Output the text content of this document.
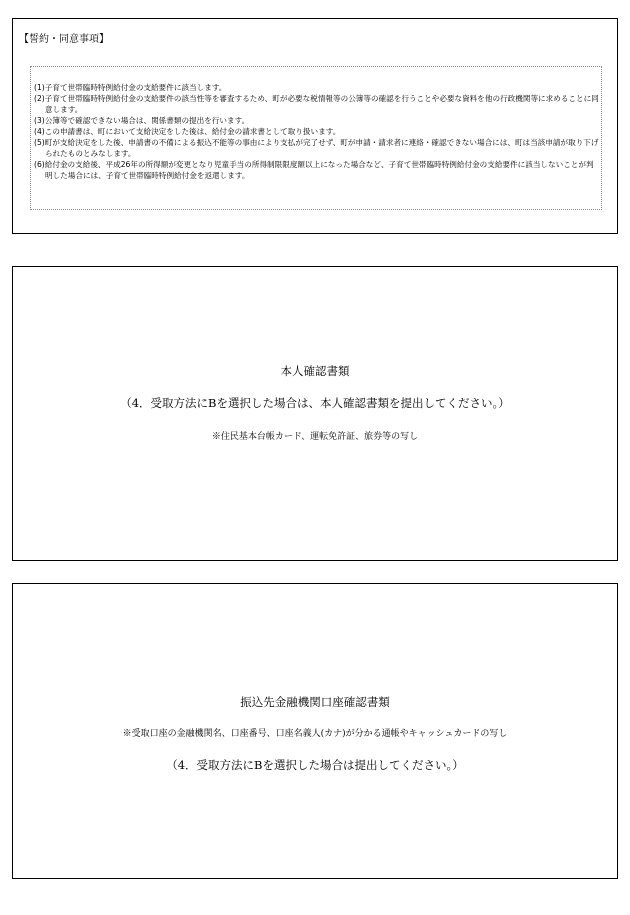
【誓約・同意事項】
(1)子育て世帯臨時特例給付金の支給要件に該当します。
(2)子育て世帯臨時特例給付金の支給要件の該当性等を審査するため、町が必要な税情報等の公簿等の確認を行うことや必要な資料を他の行政機関等に求めることに同意します。
(3)公簿等で確認できない場合は、関係書類の提出を行います。
(4)この申請書は、町において支給決定をした後は、給付金の請求書として取り扱います。
(5)町が支給決定をした後、申請書の不備による振込不能等の事由により支払が完了せず、町が申請・請求者に連絡・確認できない場合には、町は当該申請が取り下げられたものとみなします。
(6)給付金の支給後、平成26年の所得額が変更となり児童手当の所得制限限度額以上になった場合など、子育て世帯臨時特例給付金の支給要件に該当しないことが判明した場合には、子育て世帯臨時特例給付金を返還します。
本人確認書類
（4．受取方法にBを選択した場合は、本人確認書類を提出してください。）
※住民基本台帳カード、運転免許証、旅券等の写し
振込先金融機関口座確認書類
※受取口座の金融機関名、口座番号、口座名義人(カナ)が分かる通帳やキャッシュカードの写し
（4．受取方法にBを選択した場合は提出してください。）
